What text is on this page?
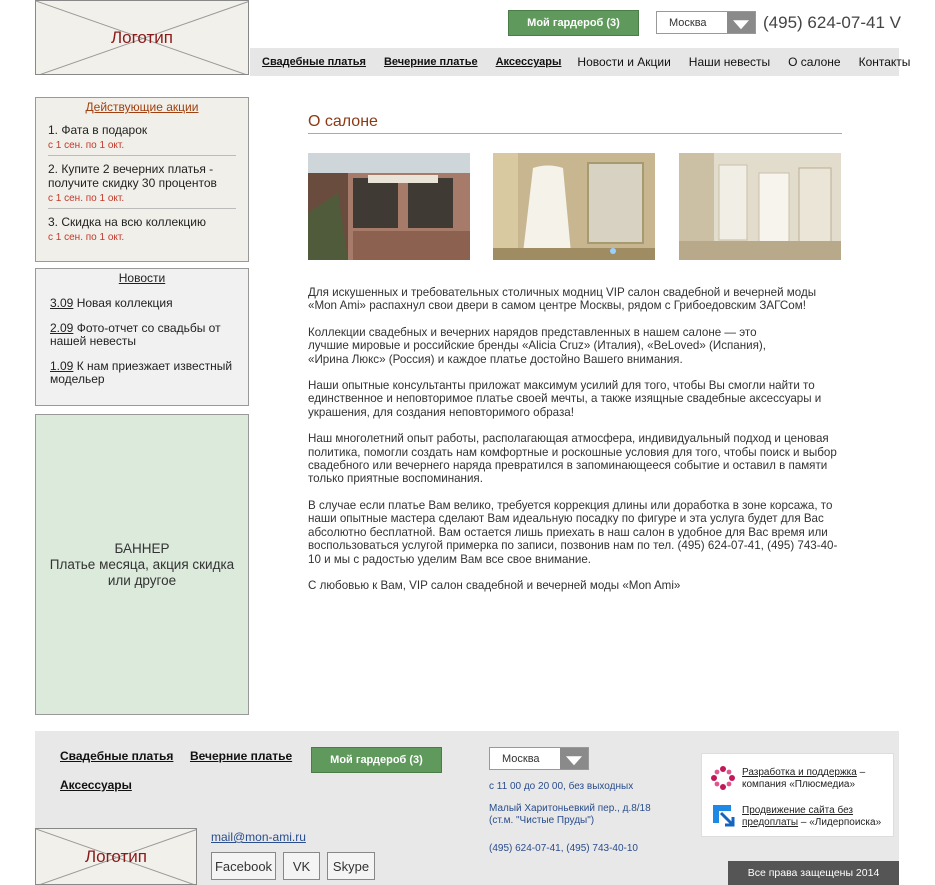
Логотип
Мой гардероб (3)	Москва	(495) 624-07-41 V
Свадебные платья Вечерние платье Аксессуары Новости и Акции Наши невесты О салоне Контакты
Действующие акции
1. Фата в подарок
с 1 сен. по 1 окт.
2. Купите 2 вечерних платья - получите скидку 30 процентов
с 1 сен. по 1 окт.
3. Скидка на всю коллекцию
с 1 сен. по 1 окт.
Новости
3.09 Новая коллекция
2.09 Фото-отчет со свадьбы от нашей невесты
1.09 К нам приезжает известный модельер
БАННЕР
Платье месяца, акция скидка или другое
О салоне

Для искушенных и требовательных столичных модниц VIP салон свадебной и вечерней моды «Mon Ami» распахнул свои двери в самом центре Москвы, рядом с Грибоедовским ЗАГСом!

Коллекции свадебных и вечерних нарядов представленных в нашем салоне — это лучшие мировые и российские бренды «Alicia Cruz» (Италия), «BeLoved» (Испания), «Ирина Люкс» (Россия) и каждое платье достойно Вашего внимания.

Наши опытные консультанты приложат максимум усилий для того, чтобы Вы смогли найти то единственное и неповторимое платье своей мечты, а также изящные свадебные аксессуары и украшения, для создания неповторимого образа!

Наш многолетний опыт работы, располагающая атмосфера, индивидуальный подход и ценовая политика, помогли создать нам комфортные и роскошные условия для того, чтобы поиск и выбор свадебного или вечернего наряда превратился в запоминающееся событие и оставил в памяти только приятные воспоминания.

В случае если платье Вам велико, требуется коррекция длины или доработка в зоне корсажа, то наши опытные мастера сделают Вам идеальную посадку по фигуре и эта услуга будет для Вас абсолютно бесплатной. Вам остается лишь приехать в наш салон в удобное для Вас время или воспользоваться услугой примерка по записи, позвонив нам по тел. (495) 624-07-41, (495) 743-40-10 и мы с радостью уделим Вам все свое внимание.

С любовью к Вам, VIP салон свадебной и вечерней моды «Mon Ami»

Свадебные платья Вечерние платье
Аксессуары
Мой гардероб (3)	Москва
с 11 00 до 20 00, без выходных
Малый Харитоньевкий пер., д.8/18 (ст.м. "Чистые Пруды")
(495) 624-07-41, (495) 743-40-10
mail@mon-ami.ru
Facebook	VK	Skype
Логотип
Разработка и поддержка – компания «Плюсмедиа»
Продвижение сайта без предоплаты – «Лидерпоиска»
Все права защещены 2014
